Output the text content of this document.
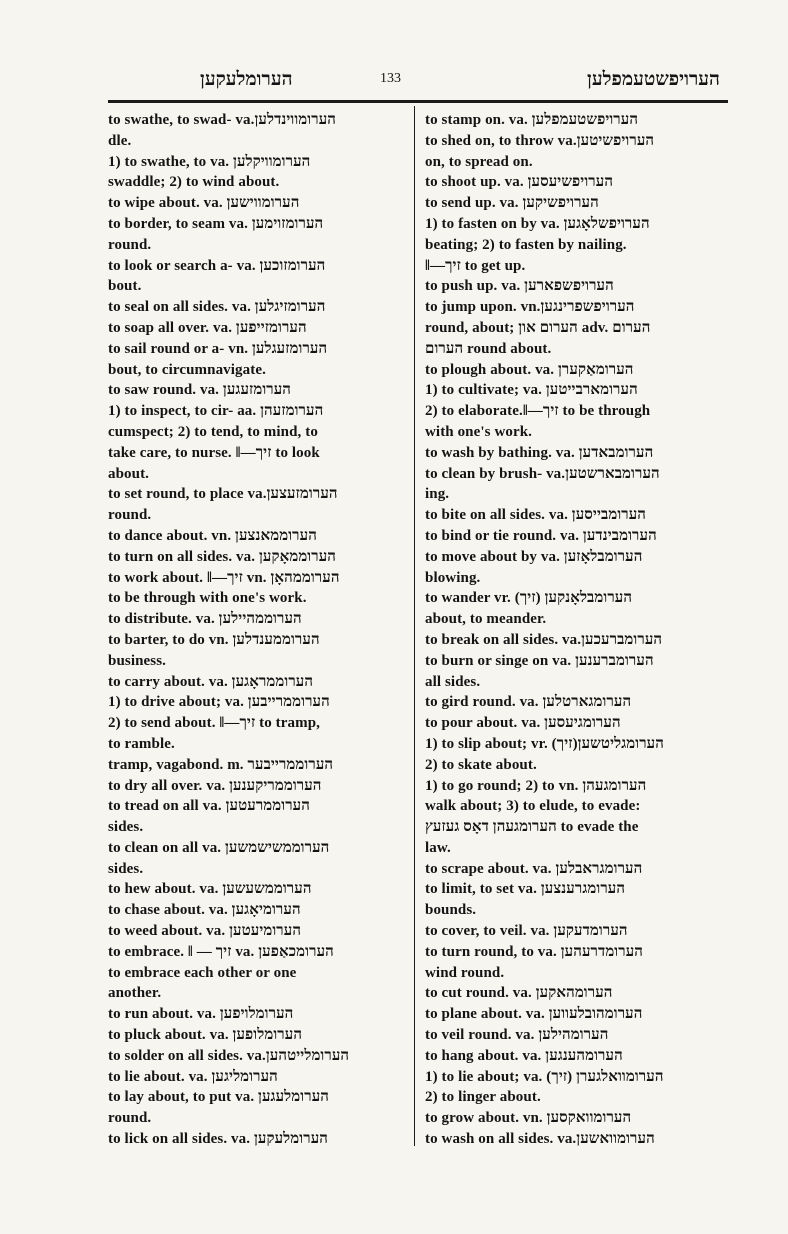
הערומלעקען	133	הערויפשטעמפלען
to swathe, to swad- va.הערומווינדלען
dle.
1) to swathe, to va. הערומוויקלען
swaddle; 2) to wind about.
to wipe about. va. הערומווישען
to border, to seam va. הערומזוימען
round.
to look or search a- va. הערומזוכען
bout.
to seal on all sides. va. הערומזיגלען
to soap all over. va. הערומזייפען
to sail round or a- vn. הערומזעגלען
bout, to circumnavigate.
to saw round. va. הערומזעגען
1) to inspect, to cir- aa. הערומזעהן
cumspect; 2) to tend, to mind, to
take care, to nurse. ‖—זיך to look
about.
to set round, to place va.הערומזעצען
round.
to dance about. vn. הערוממאנצען
to turn on all sides. va. הערוממאָקען
to work about. ‖—זיך vn. הערוממהאָן
to be through with one's work.
to distribute. va. הערוממהיילען
to barter, to do vn. הערוממענדלען
business.
to carry about. va. הערוממראָגען
1) to drive about; va. הערוממרייבען
2) to send about. ‖—זיך to tramp,
to ramble.
tramp, vagabond. m. הערוממרייבער
to dry all over. va. הערוממריקענען
to tread on all va. הערוממרעטען
sides.
to clean on all va. הערוממשישמשען
sides.
to hew about. va. הערוממשעשען
to chase about. va. הערומיאָגען
to weed about. va. הערומיעטען
to embrace. ‖ — זיך va. הערומכאַפען
to embrace each other or one
another.
to run about. va. הערומלויפען
to pluck about. va. הערומלופען
to solder on all sides. va.הערומלייטהען
to lie about. va. הערומליגען
to lay about, to put va. הערומלעגען
round.
to lick on all sides. va. הערומלעקען
to stamp on. va. הערויפשטעמפלען
to shed on, to throw va.הערויפשיטען
on, to spread on.
to shoot up. va. הערויפשיעסען
to send up. va. הערויפשיקען
1) to fasten on by va. הערויפשלאָגען
beating; 2) to fasten by nailing.
‖—זיך to get up.
to push up. va. הערויפשפארען
to jump upon. vn.הערויפשפרינגען
round, about; הערום און adv. הערום
הערום round about.
to plough about. va. הערומאַקערן
1) to cultivate; va. הערומארבייטען
2) to elaborate.‖—זיך to be through
with one's work.
to wash by bathing. va. הערומבאדען
to clean by brush- va.הערומבארשטען
ing.
to bite on all sides. va. הערומבייסען
to bind or tie round. va. הערומבינדען
to move about by va. הערומבלאָזען
blowing.
to wander vr. (זיך) הערומבלאָנקען
about, to meander.
to break on all sides. va.הערומברעכען
to burn or singe on va. הערומברענען
all sides.
to gird round. va. הערומגארטלען
to pour about. va. הערומגיעסען
1) to slip about; vr. (זיך)הערומגליטשען
2) to skate about.
1) to go round; 2) to vn. הערומגעהן
walk about; 3) to elude, to evade:
הערומגעהן דאָס געזעץ to evade the
law.
to scrape about. va. הערומגראבלען
to limit, to set va. הערומגרענצען
bounds.
to cover, to veil. va. הערומדעקען
to turn round, to va. הערומדרעהען
wind round.
to cut round. va. הערומהאקען
to plane about. va. הערומהובלעווען
to veil round. va. הערומהילען
to hang about. va. הערומהענגען
1) to lie about; va. (זיך) הערומוואלגערן
2) to linger about.
to grow about. vn. הערומוואקסען
to wash on all sides. va.הערומוואשען
